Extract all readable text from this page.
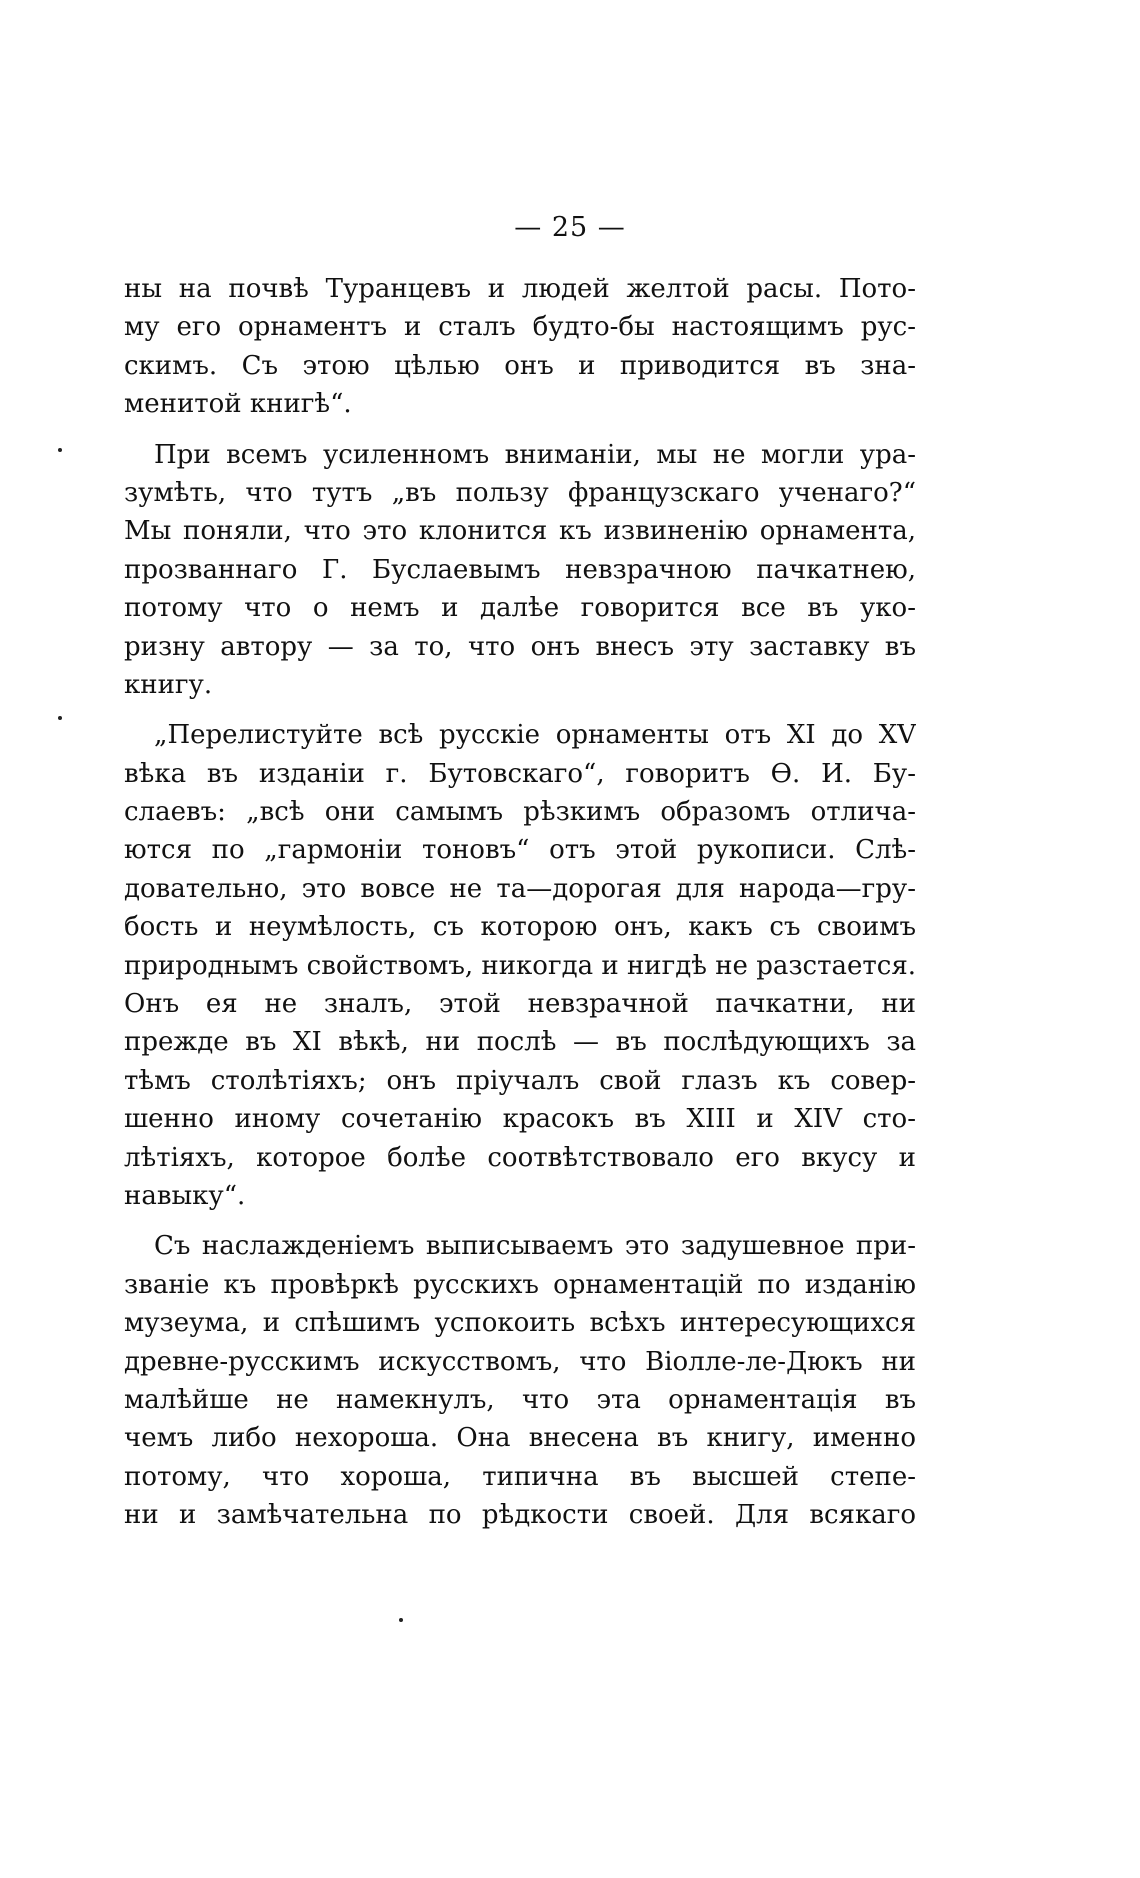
— 25 —
ны на почвѣ Туранцевъ и людей желтой расы. Пото-
му его орнаментъ и сталъ будто-бы настоящимъ рус-
скимъ. Съ этою цѣлью онъ и приводится въ зна-
менитой книгѣ“.
При всемъ усиленномъ вниманіи, мы не могли ура-
зумѣть, что тутъ „въ пользу французскаго ученаго?“
Мы поняли, что это клонится къ извиненію орнамента,
прозваннаго Г. Буслаевымъ невзрачною пачкатнею,
потому что о немъ и далѣе говорится все въ уко-
ризну автору — за то, что онъ внесъ эту заставку въ
книгу.
„Перелистуйте всѣ русскіе орнаменты отъ XI до XV
вѣка въ изданіи г. Бутовскаго“, говоритъ Ѳ. И. Бу-
слаевъ: „всѣ они самымъ рѣзкимъ образомъ отлича-
ются по „гармоніи тоновъ“ отъ этой рукописи. Слѣ-
довательно, это вовсе не та—дорогая для народа—гру-
бость и неумѣлость, съ которою онъ, какъ съ своимъ
природнымъ свойствомъ, никогда и нигдѣ не разстается.
Онъ ея не зналъ, этой невзрачной пачкатни, ни
прежде въ XI вѣкѣ, ни послѣ — въ послѣдующихъ за
тѣмъ столѣтіяхъ; онъ пріучалъ свой глазъ къ совер-
шенно иному сочетанію красокъ въ XIII и XIV сто-
лѣтіяхъ, которое болѣе соотвѣтствовало его вкусу и
навыку“.
Съ наслажденіемъ выписываемъ это задушевное при-
званіе къ провѣркѣ русскихъ орнаментацій по изданію
музеума, и спѣшимъ успокоить всѣхъ интересующихся
древне-русскимъ искусствомъ, что Віолле-ле-Дюкъ ни
малѣйше не намекнулъ, что эта орнаментація въ
чемъ либо нехороша. Она внесена въ книгу, именно
потому, что хороша, типична въ высшей степе-
ни и замѣчательна по рѣдкости своей. Для всякаго
